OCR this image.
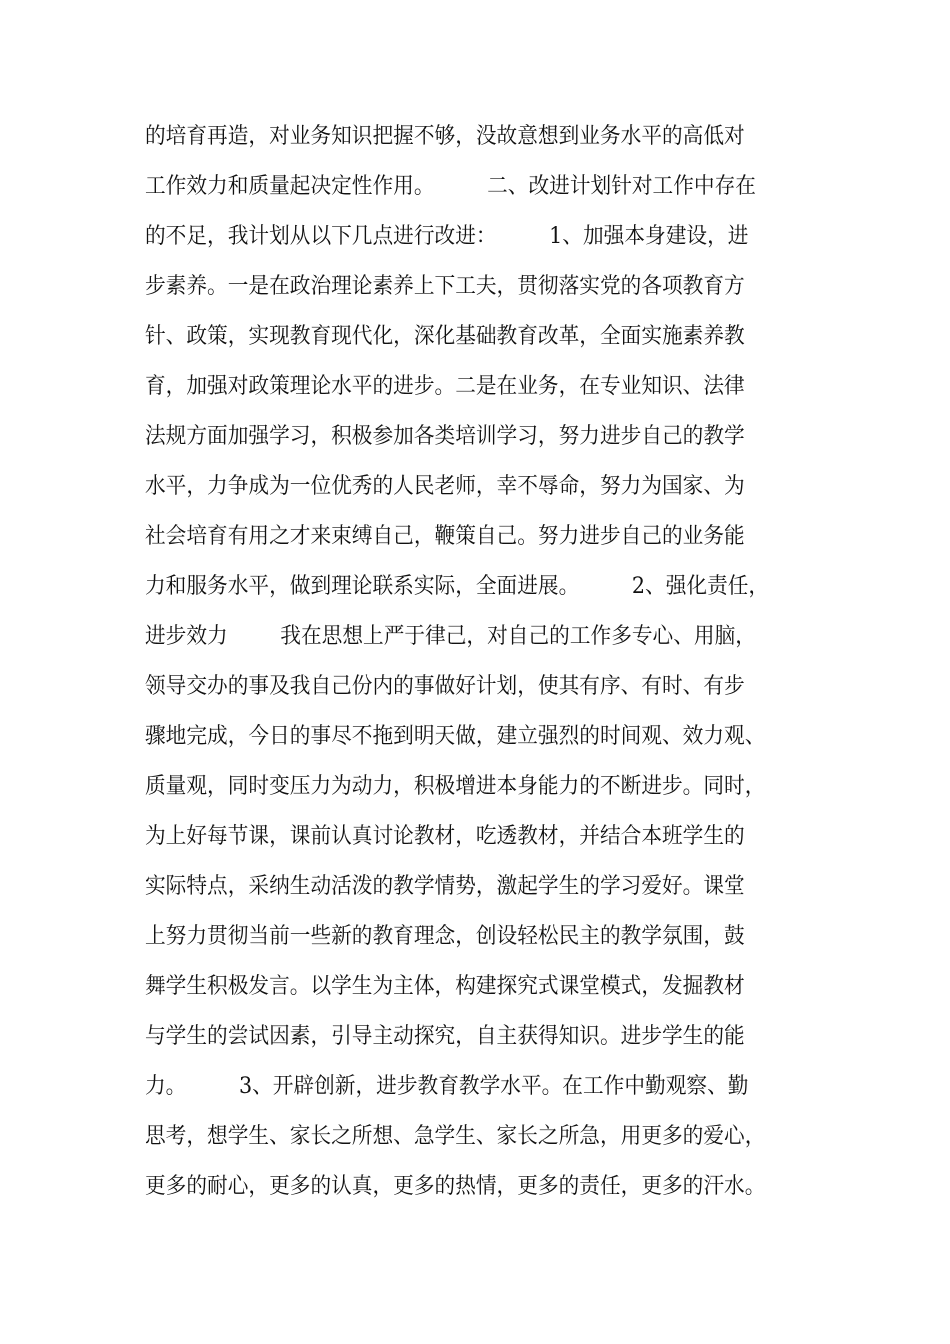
的培育再造，对业务知识把握不够，没故意想到业务水平的高低对
工作效力和质量起决定性作用。        二、改进计划针对工作中存在
的不足，我计划从以下几点进行改进：        1、加强本身建设，进
步素养。一是在政治理论素养上下工夫，贯彻落实党的各项教育方
针、政策，实现教育现代化，深化基础教育改革，全面实施素养教
育，加强对政策理论水平的进步。二是在业务，在专业知识、法律
法规方面加强学习，积极参加各类培训学习，努力进步自己的教学
水平，力争成为一位优秀的人民老师，幸不辱命，努力为国家、为
社会培育有用之才来束缚自己，鞭策自己。努力进步自己的业务能
力和服务水平，做到理论联系实际，全面进展。        2、强化责任，
进步效力        我在思想上严于律己，对自己的工作多专心、用脑，
领导交办的事及我自己份内的事做好计划，使其有序、有时、有步
骤地完成，今日的事尽不拖到明天做，建立强烈的时间观、效力观、
质量观，同时变压力为动力，积极增进本身能力的不断进步。同时，
为上好每节课，课前认真讨论教材，吃透教材，并结合本班学生的
实际特点，采纳生动活泼的教学情势，激起学生的学习爱好。课堂
上努力贯彻当前一些新的教育理念，创设轻松民主的教学氛围，鼓
舞学生积极发言。以学生为主体，构建探究式课堂模式，发掘教材
与学生的尝试因素，引导主动探究，自主获得知识。进步学生的能
力。        3、开辟创新，进步教育教学水平。在工作中勤观察、勤
思考，想学生、家长之所想、急学生、家长之所急，用更多的爱心，
更多的耐心，更多的认真，更多的热情，更多的责任，更多的汗水。
